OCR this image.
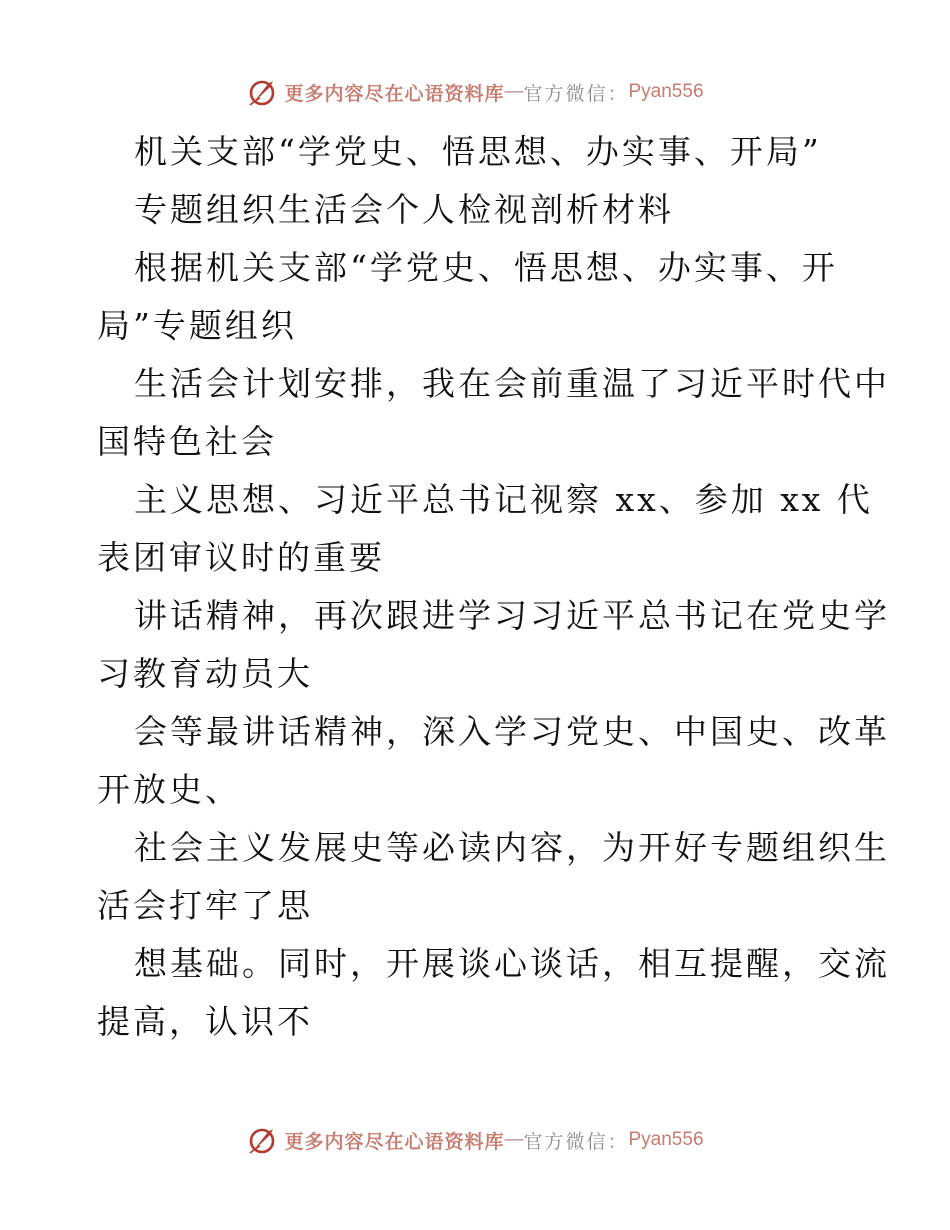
更多内容尽在心语资料库 — 官方微信： Pyan556
机关支部“学党史、悟思想、办实事、开局”
专题组织生活会个人检视剖析材料
根据机关支部“学党史、悟思想、办实事、开
局”专题组织
生活会计划安排，我在会前重温了习近平时代中
国特色社会
主义思想、习近平总书记视察 xx、参加 xx 代
表团审议时的重要
讲话精神，再次跟进学习习近平总书记在党史学
习教育动员大
会等最讲话精神，深入学习党史、中国史、改革
开放史、
社会主义发展史等必读内容，为开好专题组织生
活会打牢了思
想基础。同时，开展谈心谈话，相互提醒，交流
提高，认识不
更多内容尽在心语资料库 — 官方微信： Pyan556
